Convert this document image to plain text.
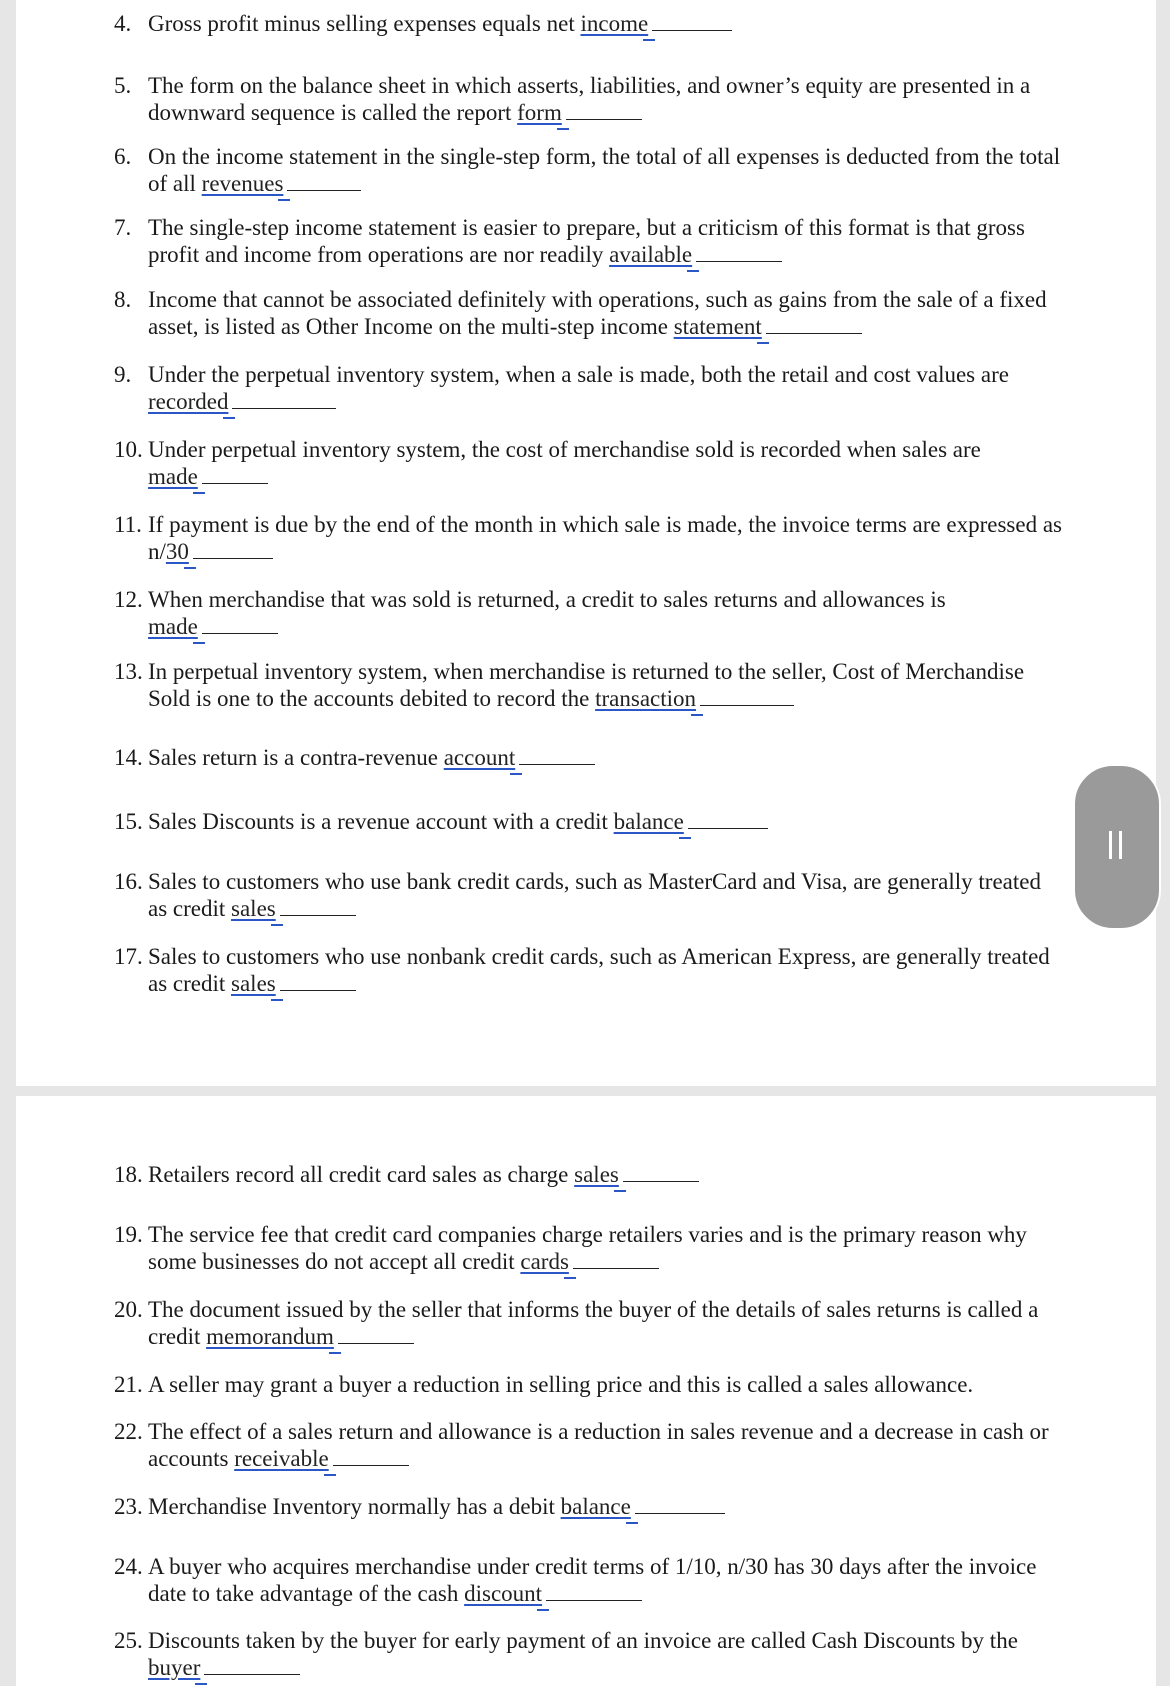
4. Gross profit minus selling expenses equals net income
5. The form on the balance sheet in which asserts, liabilities, and owner’s equity are presented in a
downward sequence is called the report form
6. On the income statement in the single-step form, the total of all expenses is deducted from the total
of all revenues
7. The single-step income statement is easier to prepare, but a criticism of this format is that gross
profit and income from operations are nor readily available
8. Income that cannot be associated definitely with operations, such as gains from the sale of a fixed
asset, is listed as Other Income on the multi-step income statement
9. Under the perpetual inventory system, when a sale is made, both the retail and cost values are
recorded
10. Under perpetual inventory system, the cost of merchandise sold is recorded when sales are
made
11. If payment is due by the end of the month in which sale is made, the invoice terms are expressed as
n/30
12. When merchandise that was sold is returned, a credit to sales returns and allowances is
made
13. In perpetual inventory system, when merchandise is returned to the seller, Cost of Merchandise
Sold is one to the accounts debited to record the transaction
14. Sales return is a contra-revenue account
15. Sales Discounts is a revenue account with a credit balance
16. Sales to customers who use bank credit cards, such as MasterCard and Visa, are generally treated
as credit sales
17. Sales to customers who use nonbank credit cards, such as American Express, are generally treated
as credit sales
18. Retailers record all credit card sales as charge sales
19. The service fee that credit card companies charge retailers varies and is the primary reason why
some businesses do not accept all credit cards
20. The document issued by the seller that informs the buyer of the details of sales returns is called a
credit memorandum
21. A seller may grant a buyer a reduction in selling price and this is called a sales allowance.
22. The effect of a sales return and allowance is a reduction in sales revenue and a decrease in cash or
accounts receivable
23. Merchandise Inventory normally has a debit balance
24. A buyer who acquires merchandise under credit terms of 1/10, n/30 has 30 days after the invoice
date to take advantage of the cash discount
25. Discounts taken by the buyer for early payment of an invoice are called Cash Discounts by the
buyer
